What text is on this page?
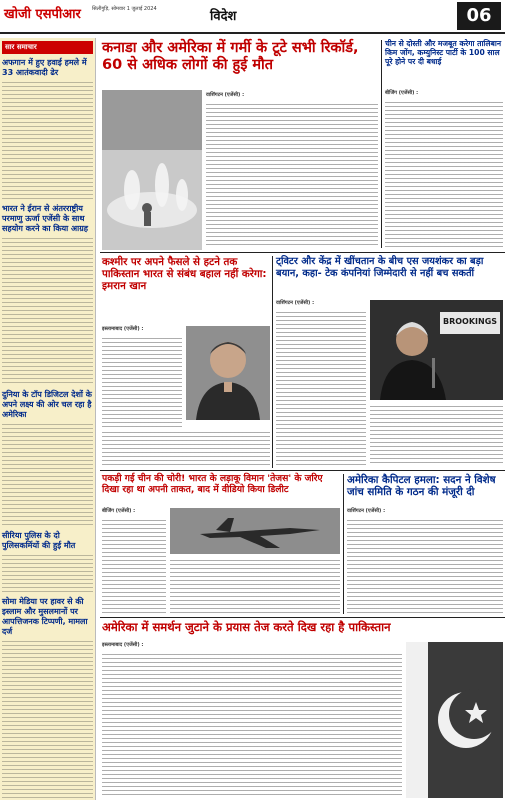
खोजी एसपीआर सिलीगुड़ि, सोमवार 1 जुलाई 2024	विदेश	06
सार समाचार
अफगान में हुए हवाई हमले में 33 आतंकवादी ढेर
भारत ने ईरान से अंतरराष्ट्रीय परमाणु ऊर्जा एजेंसी के साथ सहयोग करने का किया आग्रह
दुनिया के टॉप डिजिटल देशों के अपने लक्ष्य की ओर चल रहा है अमेरिका
सीरिया पुलिस के दो पुलिसकर्मियों की हुई मौत
सोमा मेडिया पर हावर से की इस्लाम और मुसलमानों पर आपत्तिजनक टिप्पणी, मामला दर्ज
कनाडा और अमेरिका में गर्मी के टूटे सभी रिकॉर्ड, 60 से अधिक लोगों की हुई मौत
वाशिंगटन (एजेंसी) :
चीन से दोस्ती और मजबूत करेगा तालिबान किम जोंग, कम्युनिस्ट पार्टी के 100 साल पूरे होने पर दी बधाई
बीजिंग (एजेंसी) :
कश्मीर पर अपने फैसले से हटने तक पाकिस्तान भारत से संबंध बहाल नहीं करेगा: इमरान खान
इस्लामाबाद (एजेंसी) :
ट्विटर और केंद्र में खींचतान के बीच एस जयशंकर का बड़ा बयान, कहा- टेक कंपनियां जिम्मेदारी से नहीं बच सकतीं
वाशिंगटन (एजेंसी) :
BROOKINGS
पकड़ी गई चीन की चोरी! भारत के लड़ाकू विमान 'तेजस' के जरिए दिखा रहा था अपनी ताकत, बाद में वीडियो किया डिलीट
बीजिंग (एजेंसी) :
अमेरिका कैपिटल हमला: सदन ने विशेष जांच समिति के गठन की मंजूरी दी
वाशिंगटन (एजेंसी) :
अमेरिका में समर्थन जुटाने के प्रयास तेज करते दिख रहा है पाकिस्तान
इस्लामाबाद (एजेंसी) :
